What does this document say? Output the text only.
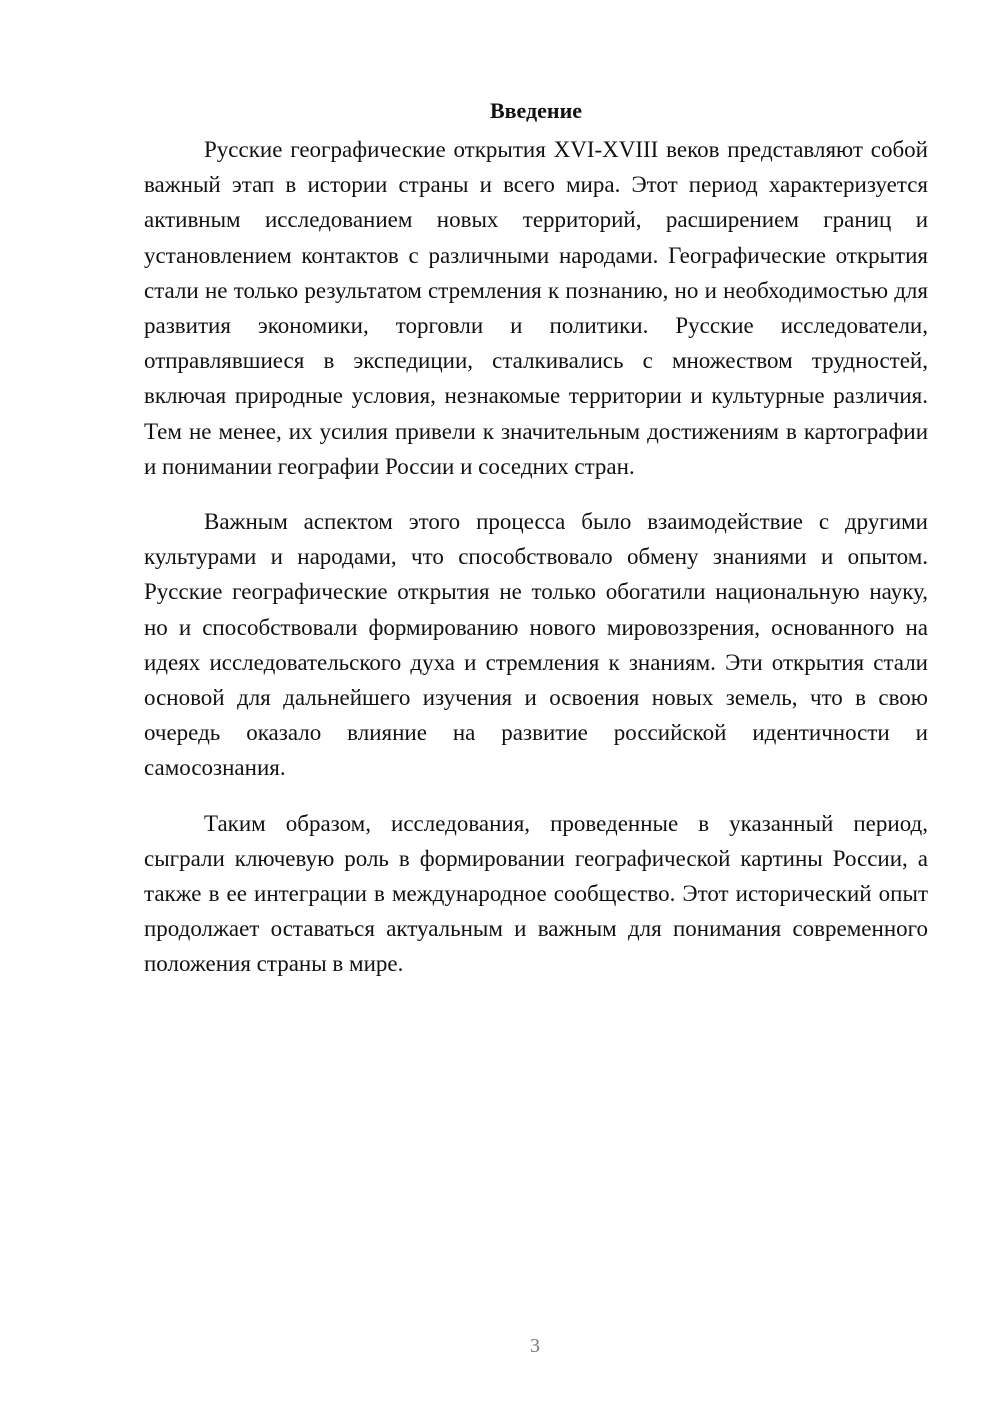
Введение

Русские географические открытия XVI-XVIII веков представляют собой важный этап в истории страны и всего мира. Этот период характеризуется активным исследованием новых территорий, расширением границ и установлением контактов с различными народами. Географические открытия стали не только результатом стремления к познанию, но и необходимостью для развития экономики, торговли и политики. Русские исследователи, отправлявшиеся в экспедиции, сталкивались с множеством трудностей, включая природные условия, незнакомые территории и культурные различия. Тем не менее, их усилия привели к значительным достижениям в картографии и понимании географии России и соседних стран.

Важным аспектом этого процесса было взаимодействие с другими культурами и народами, что способствовало обмену знаниями и опытом. Русские географические открытия не только обогатили национальную науку, но и способствовали формированию нового мировоззрения, основанного на идеях исследовательского духа и стремления к знаниям. Эти открытия стали основой для дальнейшего изучения и освоения новых земель, что в свою очередь оказало влияние на развитие российской идентичности и самосознания.

Таким образом, исследования, проведенные в указанный период, сыграли ключевую роль в формировании географической картины России, а также в ее интеграции в международное сообщество. Этот исторический опыт продолжает оставаться актуальным и важным для понимания современного положения страны в мире.

3
